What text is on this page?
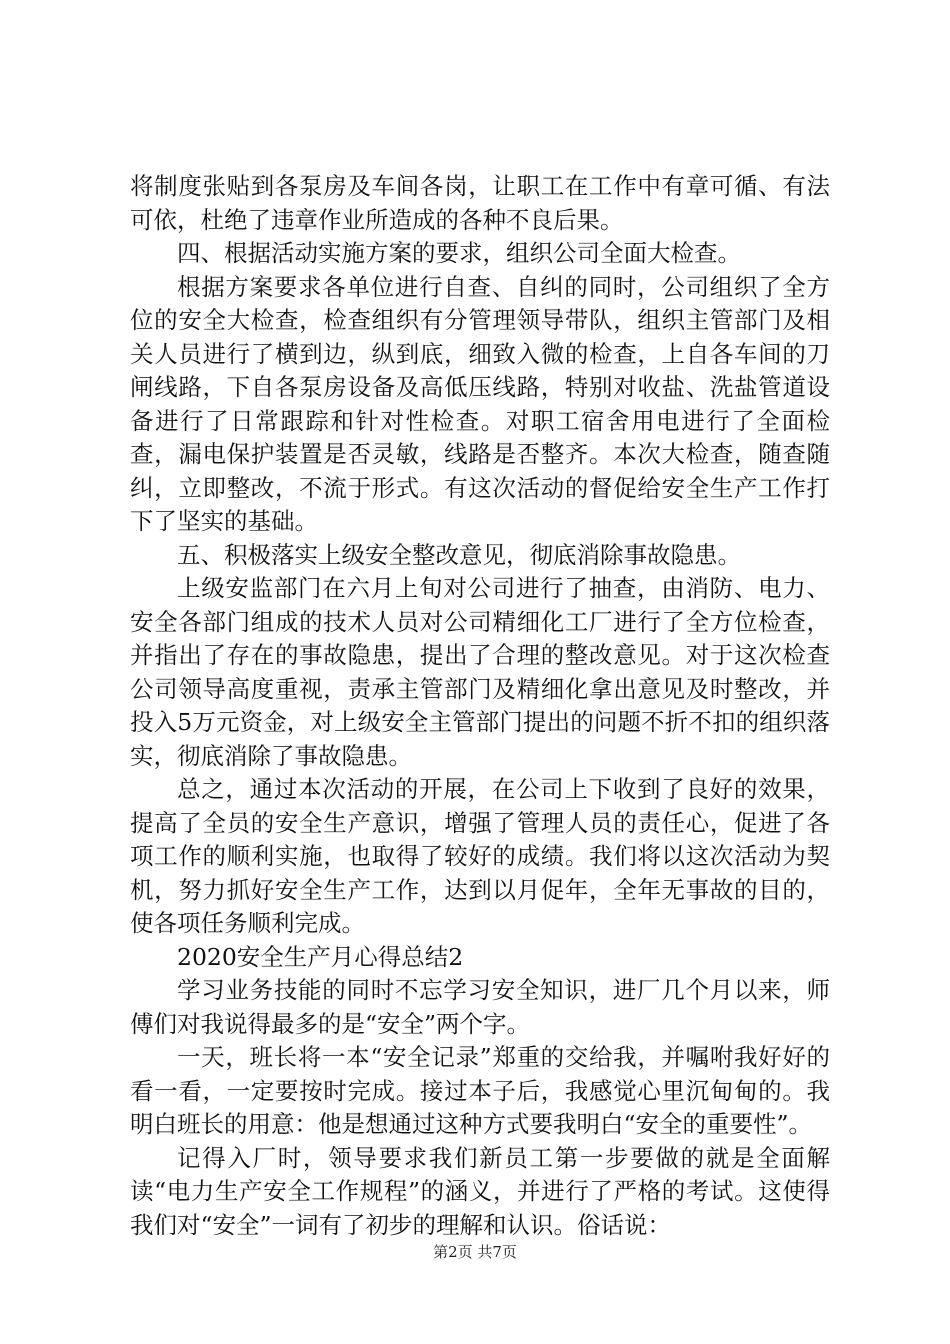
将制度张贴到各泵房及车间各岗，让职工在工作中有章可循、有法可依，杜绝了违章作业所造成的各种不良后果。

四、根据活动实施方案的要求，组织公司全面大检查。

根据方案要求各单位进行自查、自纠的同时，公司组织了全方位的安全大检查，检查组织有分管理领导带队，组织主管部门及相关人员进行了横到边，纵到底，细致入微的检查，上自各车间的刀闸线路，下自各泵房设备及高低压线路，特别对收盐、洗盐管道设备进行了日常跟踪和针对性检查。对职工宿舍用电进行了全面检查，漏电保护装置是否灵敏，线路是否整齐。本次大检查，随查随纠，立即整改，不流于形式。有这次活动的督促给安全生产工作打下了坚实的基础。

五、积极落实上级安全整改意见，彻底消除事故隐患。

上级安监部门在六月上旬对公司进行了抽查，由消防、电力、安全各部门组成的技术人员对公司精细化工厂进行了全方位检查，并指出了存在的事故隐患，提出了合理的整改意见。对于这次检查公司领导高度重视，责承主管部门及精细化拿出意见及时整改，并投入5万元资金，对上级安全主管部门提出的问题不折不扣的组织落实，彻底消除了事故隐患。

总之，通过本次活动的开展，在公司上下收到了良好的效果，提高了全员的安全生产意识，增强了管理人员的责任心，促进了各项工作的顺利实施，也取得了较好的成绩。我们将以这次活动为契机，努力抓好安全生产工作，达到以月促年，全年无事故的目的，使各项任务顺利完成。

2020安全生产月心得总结2

学习业务技能的同时不忘学习安全知识，进厂几个月以来，师傅们对我说得最多的是“安全”两个字。

一天，班长将一本“安全记录”郑重的交给我，并嘱咐我好好的看一看，一定要按时完成。接过本子后，我感觉心里沉甸甸的。我明白班长的用意：他是想通过这种方式要我明白“安全的重要性”。

记得入厂时，领导要求我们新员工第一步要做的就是全面解读“电力生产安全工作规程”的涵义，并进行了严格的考试。这使得我们对“安全”一词有了初步的理解和认识。俗话说：

第2页 共7页
